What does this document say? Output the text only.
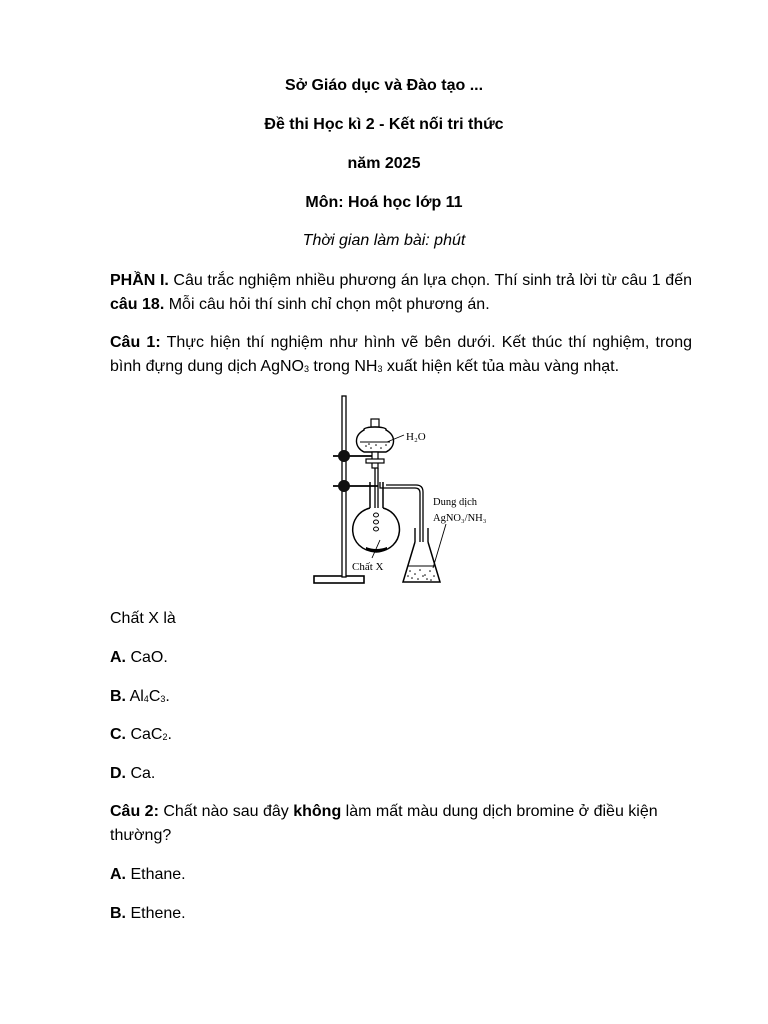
Sở Giáo dục và Đào tạo ...
Đề thi Học kì 2 - Kết nối tri thức
năm 2025
Môn: Hoá học lớp 11
Thời gian làm bài: phút
PHẦN I. Câu trắc nghiệm nhiều phương án lựa chọn. Thí sinh trả lời từ câu 1 đến câu 18. Mỗi câu hỏi thí sinh chỉ chọn một phương án.
Câu 1: Thực hiện thí nghiệm như hình vẽ bên dưới. Kết thúc thí nghiệm, trong bình đựng dung dịch AgNO$_3$ trong $NH_3$ xuất hiện kết tủa màu vàng nhạt.
H₂O
Dung dịch
AgNO₃/NH₃
Chất X
Chất X là
A. CaO.
B. $Al_4C_3$.
C. CaC$_2$.
D. Ca.
Câu 2: Chất nào sau đây không làm mất màu dung dịch bromine ở điều kiện thường?
A. Ethane.
B. Ethene.
